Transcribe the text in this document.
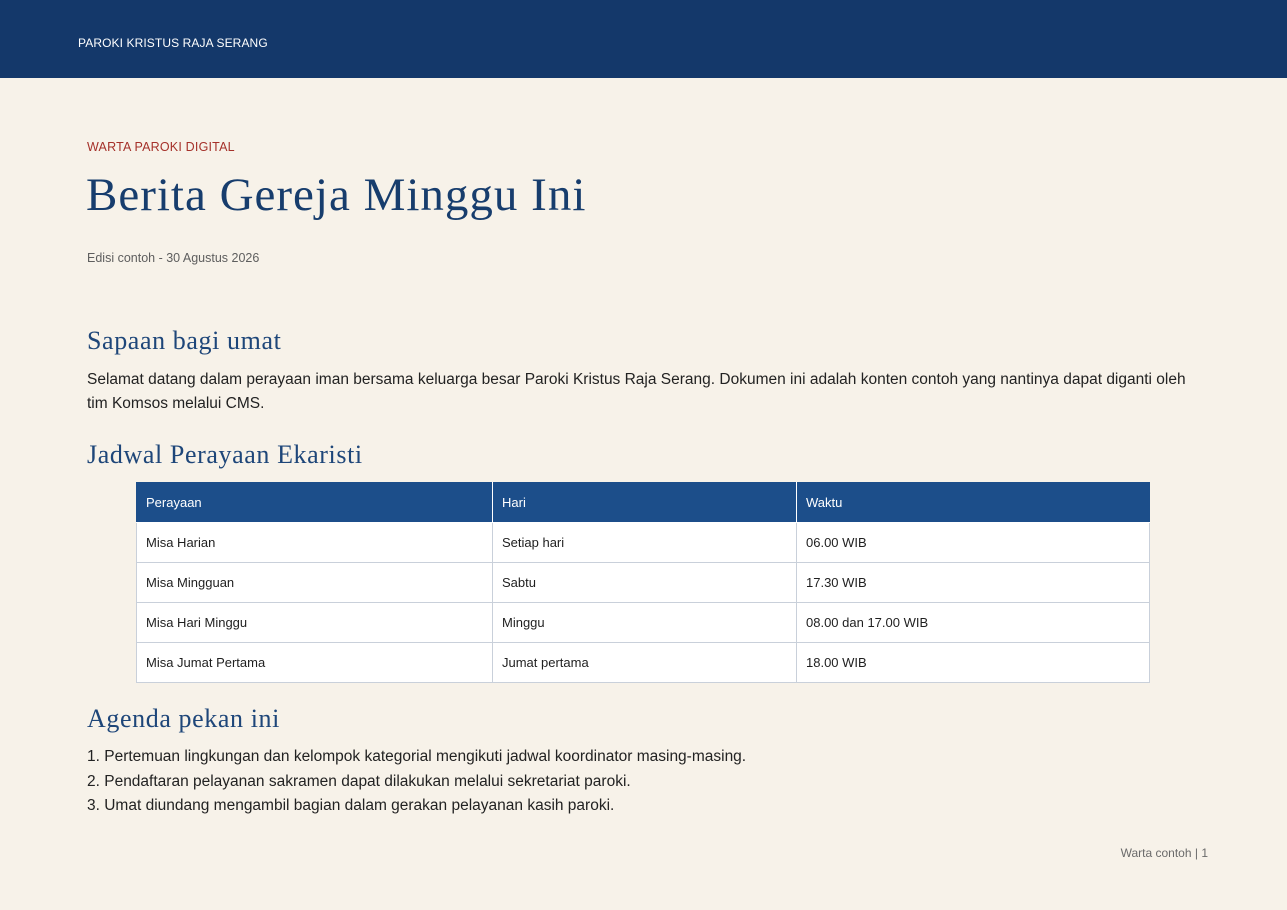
PAROKI KRISTUS RAJA SERANG
WARTA PAROKI DIGITAL
Berita Gereja Minggu Ini
Edisi contoh - 30 Agustus 2026
Sapaan bagi umat

Selamat datang dalam perayaan iman bersama keluarga besar Paroki Kristus Raja Serang. Dokumen ini adalah konten contoh yang nantinya dapat diganti oleh tim Komsos melalui CMS.

Jadwal Perayaan Ekaristi
Perayaan	Hari	Waktu
Misa Harian	Setiap hari	06.00 WIB
Misa Mingguan	Sabtu	17.30 WIB
Misa Hari Minggu	Minggu	08.00 dan 17.00 WIB
Misa Jumat Pertama	Jumat pertama	18.00 WIB
Agenda pekan ini
1. Pertemuan lingkungan dan kelompok kategorial mengikuti jadwal koordinator masing-masing.
2. Pendaftaran pelayanan sakramen dapat dilakukan melalui sekretariat paroki.
3. Umat diundang mengambil bagian dalam gerakan pelayanan kasih paroki.
Warta contoh | 1
